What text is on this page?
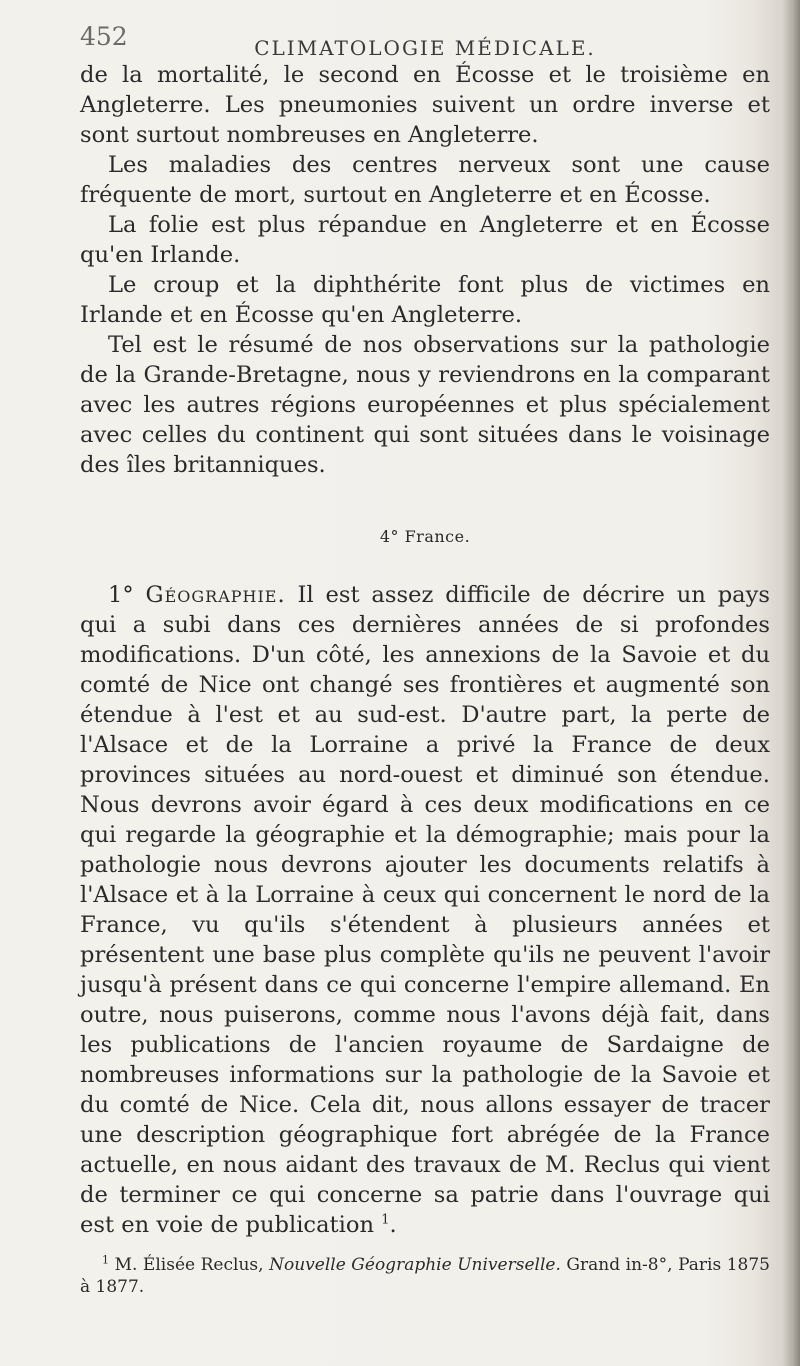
452	CLIMATOLOGIE MÉDICALE.

de la mortalité, le second en Écosse et le troisième en Angleterre. Les pneumonies suivent un ordre inverse et sont surtout nombreuses en Angleterre.

Les maladies des centres nerveux sont une cause fréquente de mort, surtout en Angleterre et en Écosse.

La folie est plus répandue en Angleterre et en Écosse qu'en Irlande.

Le croup et la diphthérite font plus de victimes en Irlande et en Écosse qu'en Angleterre.

Tel est le résumé de nos observations sur la pathologie de la Grande-Bretagne, nous y reviendrons en la comparant avec les autres régions européennes et plus spécialement avec celles du continent qui sont situées dans le voisinage des îles britanniques.

4° France.

1° Géographie. Il est assez difficile de décrire un pays qui a subi dans ces dernières années de si profondes modifications. D'un côté, les annexions de la Savoie et du comté de Nice ont changé ses frontières et augmenté son étendue à l'est et au sud-est. D'autre part, la perte de l'Alsace et de la Lorraine a privé la France de deux provinces situées au nord-ouest et diminué son étendue. Nous devrons avoir égard à ces deux modifications en ce qui regarde la géographie et la démographie; mais pour la pathologie nous devrons ajouter les documents relatifs à l'Alsace et à la Lorraine à ceux qui concernent le nord de la France, vu qu'ils s'étendent à plusieurs années et présentent une base plus complète qu'ils ne peuvent l'avoir jusqu'à présent dans ce qui concerne l'empire allemand. En outre, nous puiserons, comme nous l'avons déjà fait, dans les publications de l'ancien royaume de Sardaigne de nombreuses informations sur la pathologie de la Savoie et du comté de Nice. Cela dit, nous allons essayer de tracer une description géographique fort abrégée de la France actuelle, en nous aidant des travaux de M. Reclus qui vient de terminer ce qui concerne sa patrie dans l'ouvrage qui est en voie de publication $^1$.

$^1$ M. Élisée Reclus, Nouvelle Géographie Universelle. Grand in-8°, Paris 1875 à 1877.
